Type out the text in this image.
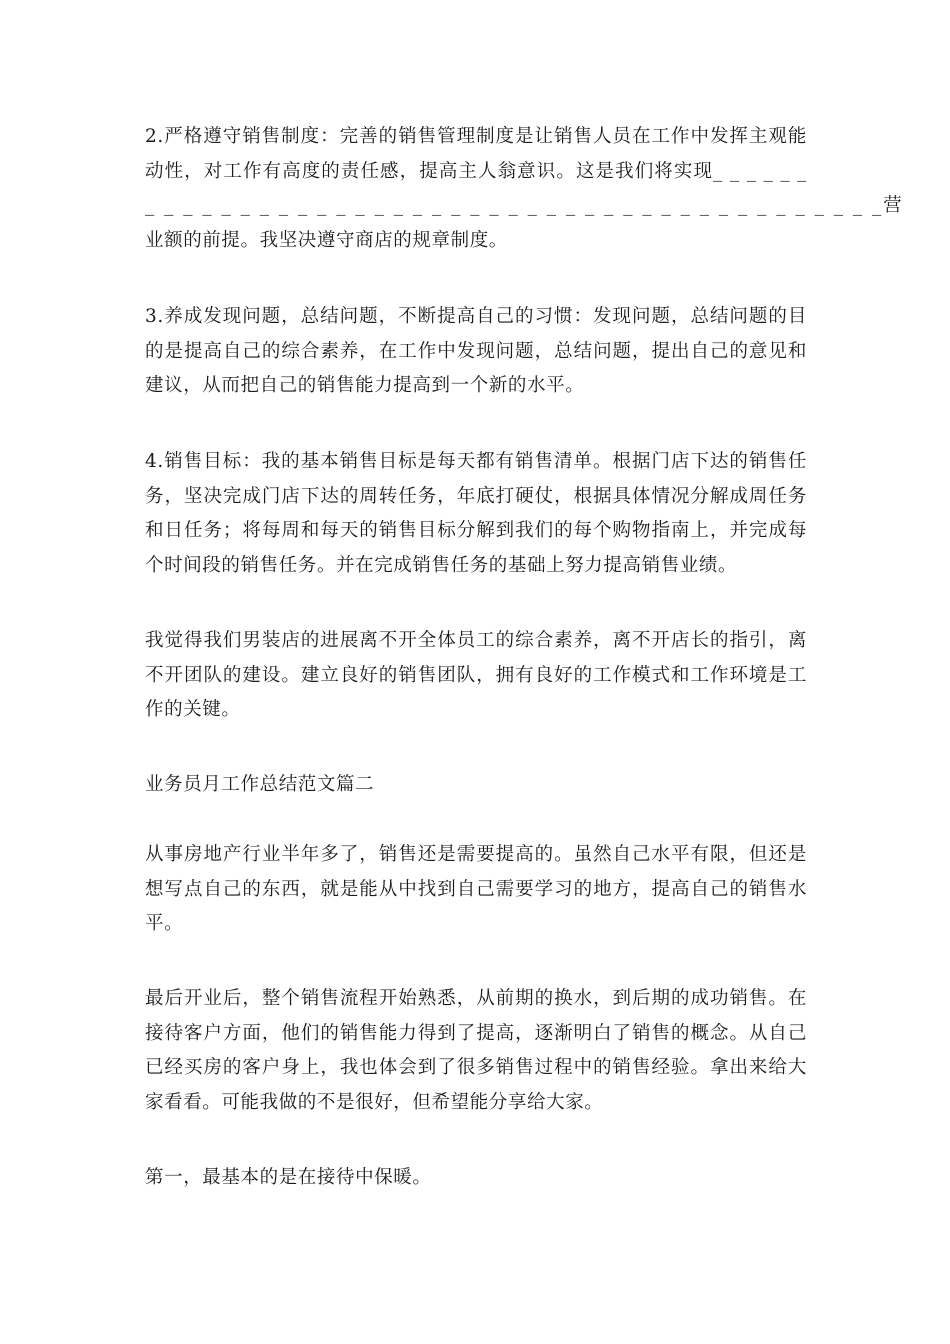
2.严格遵守销售制度：完善的销售管理制度是让销售人员在工作中发挥主观能
动性，对工作有高度的责任感，提高主人翁意识。这是我们将实现_ _ _ _ _ _
_ _ _ _ _ _ _ _ _ _ _ _ _ _ _ _ _ _ _ _ _ _ _ _ _ _ _ _ _ _ _ _ _ _ _ _ _ _ _营
业额的前提。我坚决遵守商店的规章制度。

3.养成发现问题，总结问题，不断提高自己的习惯：发现问题，总结问题的目
的是提高自己的综合素养，在工作中发现问题，总结问题，提出自己的意见和
建议，从而把自己的销售能力提高到一个新的水平。

4.销售目标：我的基本销售目标是每天都有销售清单。根据门店下达的销售任
务，坚决完成门店下达的周转任务，年底打硬仗，根据具体情况分解成周任务
和日任务；将每周和每天的销售目标分解到我们的每个购物指南上，并完成每
个时间段的销售任务。并在完成销售任务的基础上努力提高销售业绩。

我觉得我们男装店的进展离不开全体员工的综合素养，离不开店长的指引，离
不开团队的建设。建立良好的销售团队，拥有良好的工作模式和工作环境是工
作的关键。

业务员月工作总结范文篇二

从事房地产行业半年多了，销售还是需要提高的。虽然自己水平有限，但还是
想写点自己的东西，就是能从中找到自己需要学习的地方，提高自己的销售水
平。

最后开业后，整个销售流程开始熟悉，从前期的换水，到后期的成功销售。在
接待客户方面，他们的销售能力得到了提高，逐渐明白了销售的概念。从自己
已经买房的客户身上，我也体会到了很多销售过程中的销售经验。拿出来给大
家看看。可能我做的不是很好，但希望能分享给大家。

第一，最基本的是在接待中保暖。
